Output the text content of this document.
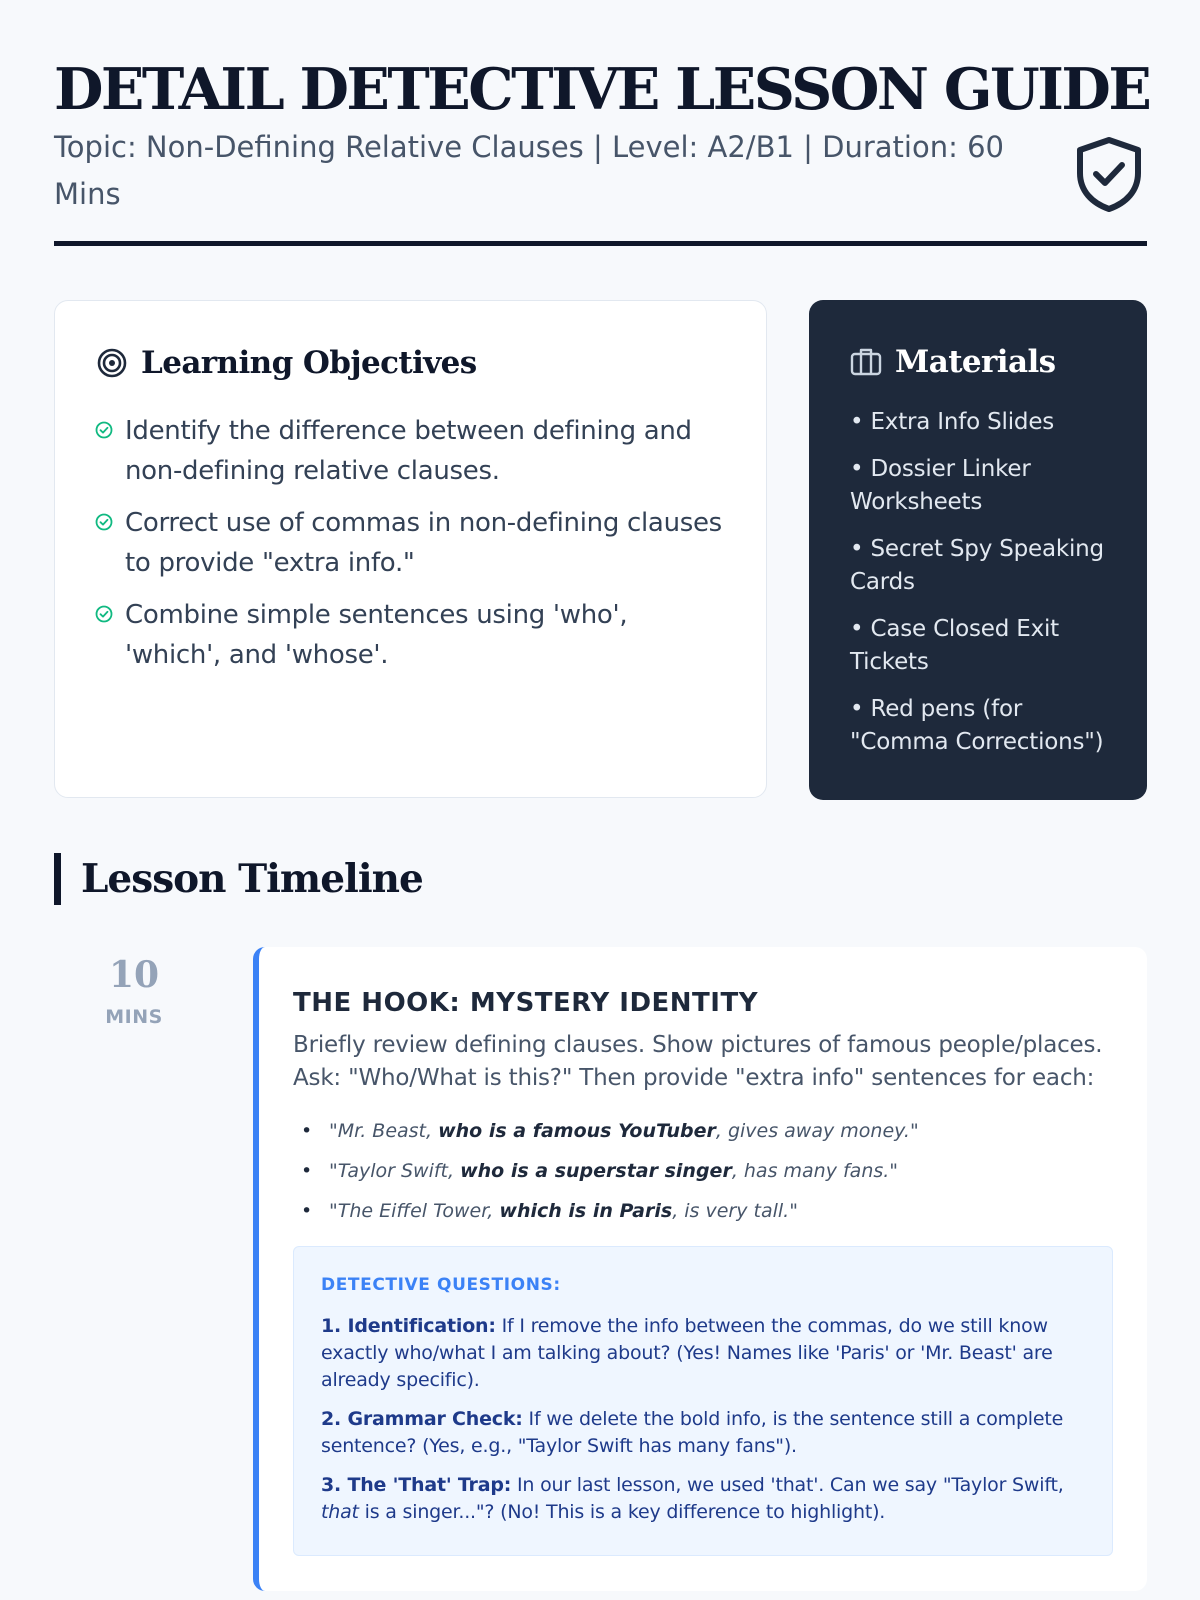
DETAIL DETECTIVE LESSON GUIDE
Topic: Non-Defining Relative Clauses | Level: A2/B1 | Duration: 60 Mins
Learning Objectives
Identify the difference between defining and non-defining relative clauses.
Correct use of commas in non-defining clauses to provide "extra info."
Combine simple sentences using 'who', 'which', and 'whose'.
Materials
• Extra Info Slides
• Dossier Linker Worksheets
• Secret Spy Speaking Cards
• Case Closed Exit Tickets
• Red pens (for "Comma Corrections")
Lesson Timeline
10
MINS	THE HOOK: MYSTERY IDENTITY
Briefly review defining clauses. Show pictures of famous people/places. Ask: "Who/What is this?" Then provide "extra info" sentences for each:
• "Mr. Beast, who is a famous YouTuber, gives away money."
• "Taylor Swift, who is a superstar singer, has many fans."
• "The Eiffel Tower, which is in Paris, is very tall."
DETECTIVE QUESTIONS:
1. Identification: If I remove the info between the commas, do we still know exactly who/what I am talking about? (Yes! Names like 'Paris' or 'Mr. Beast' are already specific).
2. Grammar Check: If we delete the bold info, is the sentence still a complete sentence? (Yes, e.g., "Taylor Swift has many fans").
3. The 'That' Trap: In our last lesson, we used 'that'. Can we say "Taylor Swift, that is a singer..."? (No! This is a key difference to highlight).
